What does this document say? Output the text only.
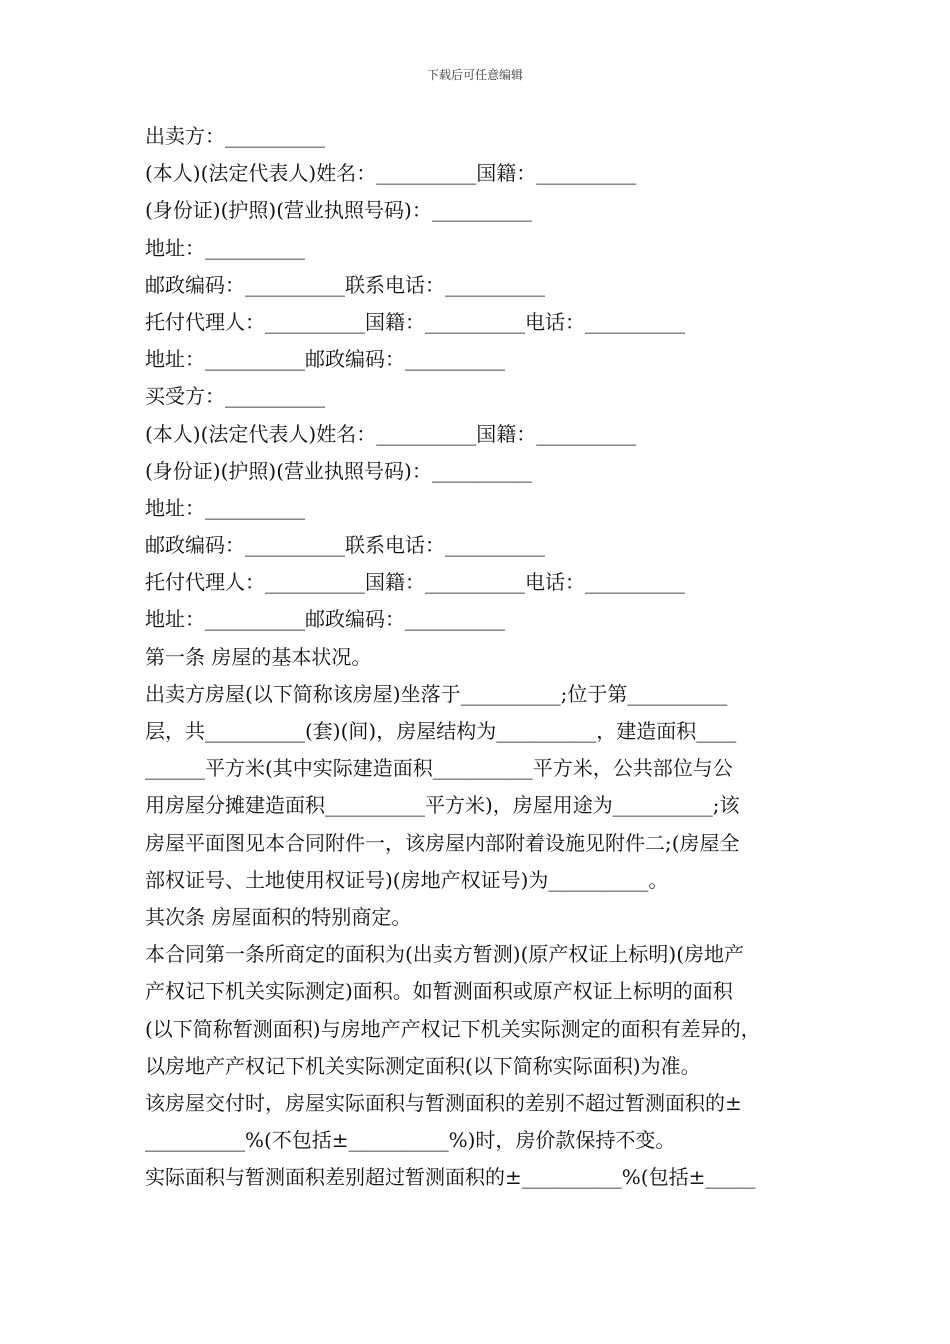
下载后可任意编辑
出卖方：__________
(本人)(法定代表人)姓名：__________国籍：__________
(身份证)(护照)(营业执照号码)：__________
地址：__________
邮政编码：__________联系电话：__________
托付代理人：__________国籍：__________电话：__________
地址：__________邮政编码：__________
买受方：__________
(本人)(法定代表人)姓名：__________国籍：__________
(身份证)(护照)(营业执照号码)：__________
地址：__________
邮政编码：__________联系电话：__________
托付代理人：__________国籍：__________电话：__________
地址：__________邮政编码：__________
第一条 房屋的基本状况。
出卖方房屋(以下简称该房屋)坐落于__________;位于第__________
层，共__________(套)(间)，房屋结构为__________，建造面积____
______平方米(其中实际建造面积__________平方米，公共部位与公
用房屋分摊建造面积__________平方米)，房屋用途为__________;该
房屋平面图见本合同附件一，该房屋内部附着设施见附件二;(房屋全
部权证号、土地使用权证号)(房地产权证号)为__________。
其次条 房屋面积的特别商定。
本合同第一条所商定的面积为(出卖方暂测)(原产权证上标明)(房地产
产权记下机关实际测定)面积。如暂测面积或原产权证上标明的面积
(以下简称暂测面积)与房地产产权记下机关实际测定的面积有差异的，
以房地产产权记下机关实际测定面积(以下简称实际面积)为准。
该房屋交付时，房屋实际面积与暂测面积的差别不超过暂测面积的±
__________%(不包括±__________%)时，房价款保持不变。
实际面积与暂测面积差别超过暂测面积的±__________%(包括±_____
